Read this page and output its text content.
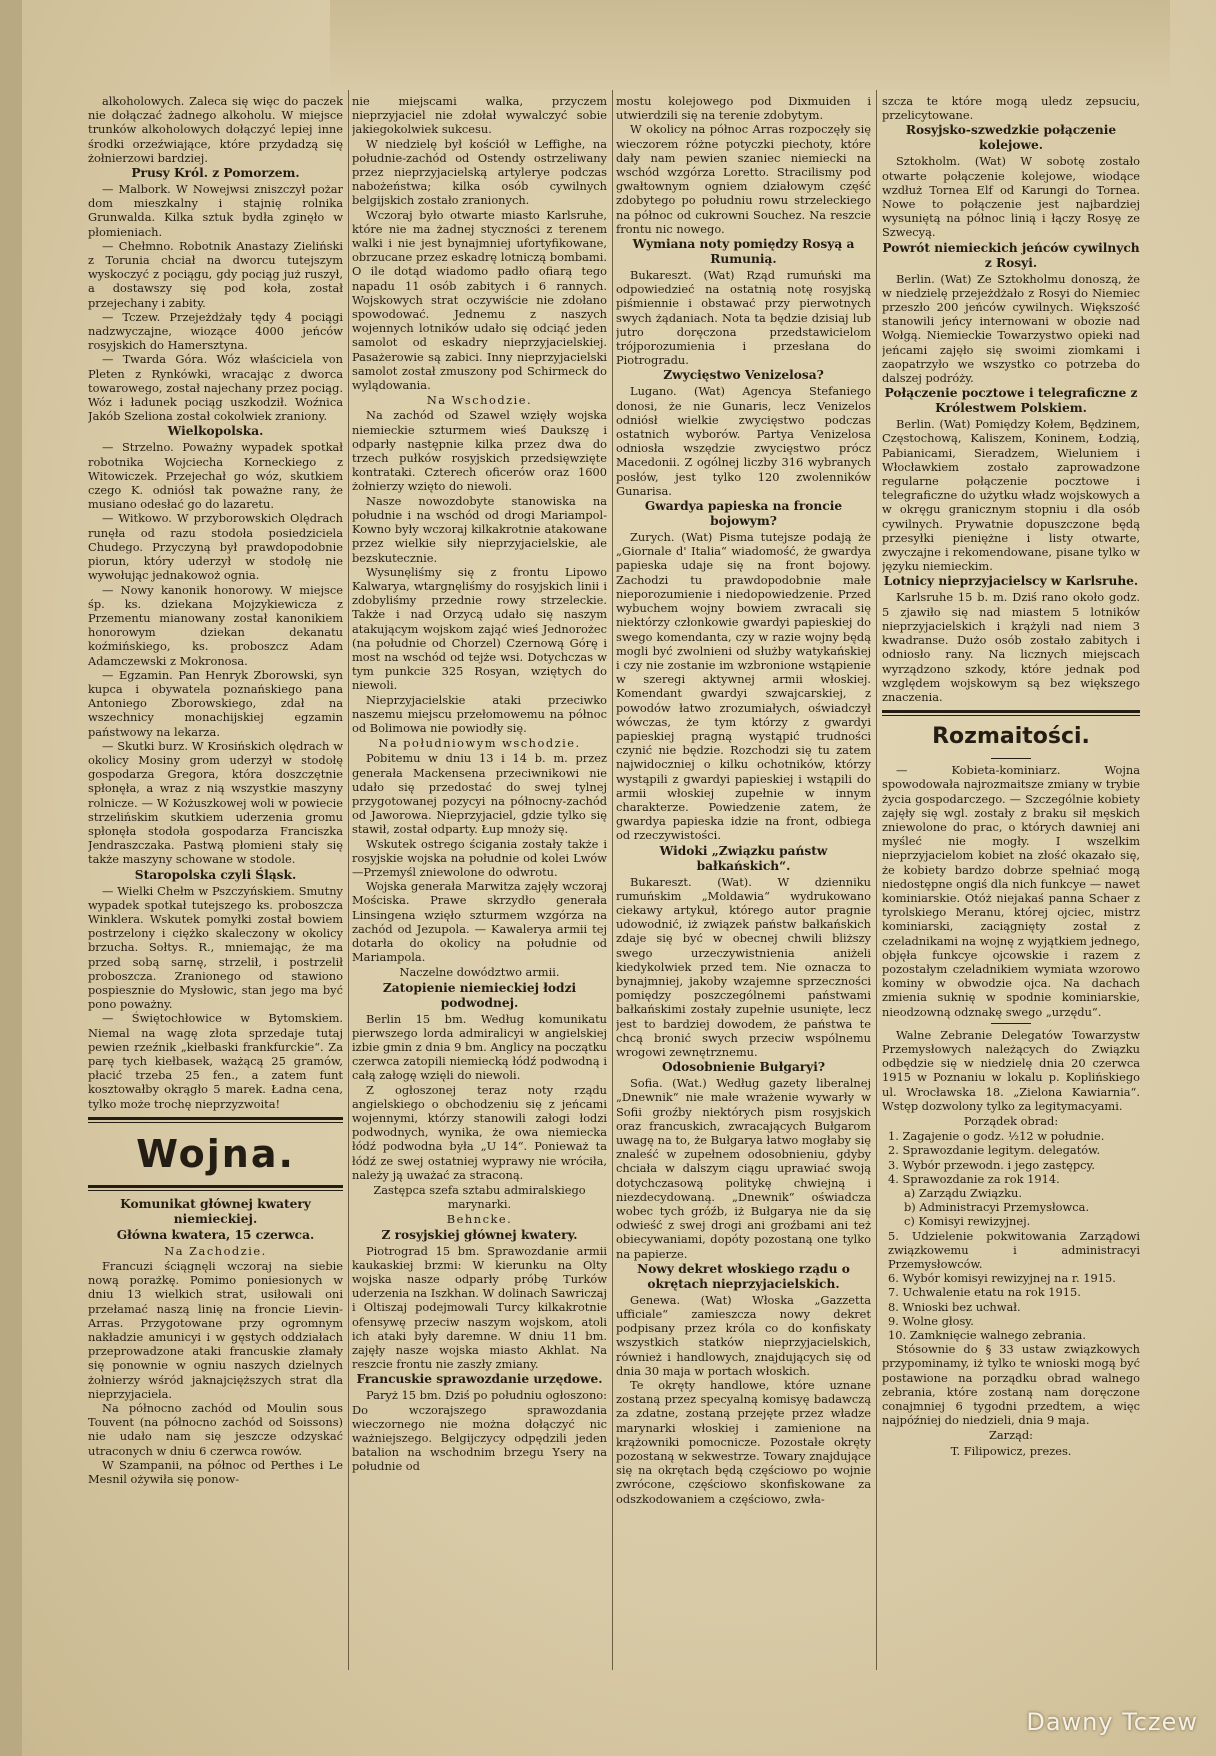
alkoholowych. Zaleca się więc do paczek nie dołączać żadnego alkoholu. W miejsce trunków alkoholowych dołączyć lepiej inne środki orzeźwiające, które przydadzą się żołnierzowi bardziej.

Prusy Król. z Pomorzem.

— Malbork. W Nowejwsi zniszczył pożar dom mieszkalny i stajnię rolnika Grunwalda. Kilka sztuk bydła zginęło w płomieniach.

— Chełmno. Robotnik Anastazy Zieliński z Torunia chciał na dworcu tutejszym wyskoczyć z pociągu, gdy pociąg już ruszył, a dostawszy się pod koła, został przejechany i zabity.

— Tczew. Przejeżdżały tędy 4 pociągi nadzwyczajne, wiozące 4000 jeńców rosyjskich do Hamersztyna.

— Twarda Góra. Wóz właściciela von Pleten z Rynkówki, wracając z dworca towarowego, został najechany przez pociąg. Wóz i ładunek pociąg uszkodził. Woźnica Jakób Szeliona został cokolwiek zraniony.

Wielkopolska.

— Strzelno. Poważny wypadek spotkał robotnika Wojciecha Korneckiego z Witowiczek. Przejechał go wóz, skutkiem czego K. odniósł tak poważne rany, że musiano odesłać go do lazaretu.

— Witkowo. W przyborowskich Olędrach runęła od razu stodoła posiedziciela Chudego. Przyczyną był prawdopodobnie piorun, który uderzył w stodołę nie wywołując jednakowoż ognia.

— Nowy kanonik honorowy. W miejsce śp. ks. dziekana Mojzykiewicza z Przementu mianowany został kanonikiem honorowym dziekan dekanatu koźmińskiego, ks. proboszcz Adam Adamczewski z Mokronosa.

— Egzamin. Pan Henryk Zborowski, syn kupca i obywatela poznańskiego pana Antoniego Zborowskiego, zdał na wszechnicy monachijskiej egzamin państwowy na lekarza.

— Skutki burz. W Krosińskich olędrach w okolicy Mosiny grom uderzył w stodołę gospodarza Gregora, która doszczętnie spłonęła, a wraz z nią wszystkie maszyny rolnicze. — W Kożuszkowej woli w powiecie strzelińskim skutkiem uderzenia gromu spłonęła stodoła gospodarza Franciszka Jendraszczaka. Pastwą płomieni stały się także maszyny schowane w stodole.

Staropolska czyli Śląsk.

— Wielki Chełm w Pszczyńskiem. Smutny wypadek spotkał tutejszego ks. proboszcza Winklera. Wskutek pomyłki został bowiem postrzelony i ciężko skaleczony w okolicy brzucha. Sołtys. R., mniemając, że ma przed sobą sarnę, strzelił, i postrzelił proboszcza. Zranionego od stawiono pospiesznie do Mysłowic, stan jego ma być pono poważny.

— Świętochłowice w Bytomskiem. Niemal na wagę złota sprzedaje tutaj pewien rzeźnik „kiełbaski frankfurckie“. Za parę tych kiełbasek, ważącą 25 gramów, płacić trzeba 25 fen., a zatem funt kosztowałby okrągło 5 marek. Ładna cena, tylko może trochę nieprzyzwoita!

Wojna.
Komunikat głównej kwatery niemieckiej.
Główna kwatera, 15 czerwca.
Na Zachodzie.

Francuzi ściągnęli wczoraj na siebie nową porażkę. Pomimo poniesionych w dniu 13 wielkich strat, usiłowali oni przełamać naszą linię na froncie Lievin-Arras. Przygotowane przy ogromnym nakładzie amunicyi i w gęstych oddziałach przeprowadzone ataki francuskie złamały się ponownie w ogniu naszych dzielnych żołnierzy wśród jaknajcięższych strat dla nieprzyjaciela.

Na północno zachód od Moulin sous Touvent (na północno zachód od Soissons) nie udało nam się jeszcze odzyskać utraconych w dniu 6 czerwca rowów.

W Szampanii, na północ od Perthes i Le Mesnil ożywiła się ponow-

nie miejscami walka, przyczem nieprzyjaciel nie zdołał wywalczyć sobie jakiegokolwiek sukcesu.

W niedzielę był kościół w Leffighe, na południe-zachód od Ostendy ostrzeliwany przez nieprzyjacielską artylerye podczas nabożeństwa; kilka osób cywilnych belgijskich zostało zranionych.

Wczoraj było otwarte miasto Karlsruhe, które nie ma żadnej styczności z terenem walki i nie jest bynajmniej ufortyfikowane, obrzucane przez eskadrę lotniczą bombami. O ile dotąd wiadomo padło ofiarą tego napadu 11 osób zabitych i 6 rannych. Wojskowych strat oczywiście nie zdołano spowodować. Jednemu z naszych wojennych lotników udało się odciąć jeden samolot od eskadry nieprzyjacielskiej. Pasażerowie są zabici. Inny nieprzyjacielski samolot został zmuszony pod Schirmeck do wylądowania.

Na Wschodzie.

Na zachód od Szawel wzięły wojska niemieckie szturmem wieś Daukszę i odparły następnie kilka przez dwa do trzech pułków rosyjskich przedsięwzięte kontrataki. Czterech oficerów oraz 1600 żołnierzy wzięto do niewoli.

Nasze nowozdobyte stanowiska na południe i na wschód od drogi Mariampol-Kowno były wczoraj kilkakrotnie atakowane przez wielkie siły nieprzyjacielskie, ale bezskutecznie.

Wysunęliśmy się z frontu Lipowo Kalwarya, wtargnęliśmy do rosyjskich linii i zdobyliśmy przednie rowy strzeleckie. Także i nad Orzycą udało się naszym atakującym wojskom zająć wieś Jednorożec (na południe od Chorzel) Czernową Górę i most na wschód od tejże wsi. Dotychczas w tym punkcie 325 Rosyan, wziętych do niewoli.

Nieprzyjacielskie ataki przeciwko naszemu miejscu przełomowemu na północ od Bolimowa nie powiodły się.

Na południowym wschodzie.

Pobitemu w dniu 13 i 14 b. m. przez generała Mackensena przeciwnikowi nie udało się przedostać do swej tylnej przygotowanej pozycyi na północny-zachód od Jaworowa. Nieprzyjaciel, gdzie tylko się stawił, został odparty. Łup mnoży się.

Wskutek ostrego ścigania zostały także i rosyjskie wojska na południe od kolei Lwów—Przemyśl zniewolone do odwrotu.

Wojska generała Marwitza zajęły wczoraj Mościska. Prawe skrzydło generała Linsingena wzięło szturmem wzgórza na zachód od Jezupola. — Kawalerya armii tej dotarła do okolicy na południe od Mariampola.

Naczelne dowództwo armii.
Zatopienie niemieckiej łodzi podwodnej.

Berlin 15 bm. Według komunikatu pierwszego lorda admiralicyi w angielskiej izbie gmin z dnia 9 bm. Anglicy na początku czerwca zatopili niemiecką łódź podwodną i całą załogę wzięli do niewoli.

Z ogłoszonej teraz noty rządu angielskiego o obchodzeniu się z jeńcami wojennymi, którzy stanowili załogi łodzi podwodnych, wynika, że owa niemiecka łódź podwodna była „U 14“. Ponieważ ta łódź ze swej ostatniej wyprawy nie wróciła, należy ją uważać za straconą.

Zastępca szefa sztabu admiralskiego marynarki.
Behncke.
Z rosyjskiej głównej kwatery.

Piotrograd 15 bm. Sprawozdanie armii kaukaskiej brzmi: W kierunku na Olty wojska nasze odparły próbę Turków uderzenia na Iszkhan. W dolinach Sawriczaj i Oltiszaj podejmowali Turcy kilkakrotnie ofensywę przeciw naszym wojskom, atoli ich ataki były daremne. W dniu 11 bm. zajęły nasze wojska miasto Akhlat. Na reszcie frontu nie zaszły zmiany.

Francuskie sprawozdanie urzędowe.

Paryż 15 bm. Dziś po południu ogłoszono: Do wczorajszego sprawozdania wieczornego nie można dołączyć nic ważniejszego. Belgijczycy odpędzili jeden batalion na wschodnim brzegu Ysery na południe od

mostu kolejowego pod Dixmuiden i utwierdzili się na terenie zdobytym.

W okolicy na północ Arras rozpoczęły się wieczorem różne potyczki piechoty, które dały nam pewien szaniec niemiecki na wschód wzgórza Loretto. Stracilismy pod gwałtownym ogniem działowym część zdobytego po południu rowu strzeleckiego na północ od cukrowni Souchez. Na reszcie frontu nic nowego.

Wymiana noty pomiędzy Rosyą a Rumunią.

Bukareszt. (Wat) Rząd rumuński ma odpowiedzieć na ostatnią notę rosyjską piśmiennie i obstawać przy pierwotnych swych żądaniach. Nota ta będzie dzisiaj lub jutro doręczona przedstawicielom trójporozumienia i przesłana do Piotrogradu.

Zwycięstwo Venizelosa?

Lugano. (Wat) Agencya Stefaniego donosi, że nie Gunaris, lecz Venizelos odniósł wielkie zwycięstwo podczas ostatnich wyborów. Partya Venizelosa odniosła wszędzie zwycięstwo prócz Macedonii. Z ogólnej liczby 316 wybranych posłów, jest tylko 120 zwolenników Gunarisa.

Gwardya papieska na froncie bojowym?

Zurych. (Wat) Pisma tutejsze podają że „Giornale d' Italia“ wiadomość, że gwardya papieska udaje się na front bojowy. Zachodzi tu prawdopodobnie małe nieporozumienie i niedopowiedzenie. Przed wybuchem wojny bowiem zwracali się niektórzy członkowie gwardyi papieskiej do swego komendanta, czy w razie wojny będą mogli być zwolnieni od służby watykańskiej i czy nie zostanie im wzbronione wstąpienie w szeregi aktywnej armii włoskiej. Komendant gwardyi szwajcarskiej, z powodów łatwo zrozumiałych, oświadczył wówczas, że tym którzy z gwardyi papieskiej pragną wystąpić trudności czynić nie będzie. Rozchodzi się tu zatem najwidoczniej o kilku ochotników, którzy wystąpili z gwardyi papieskiej i wstąpili do armii włoskiej zupełnie w innym charakterze. Powiedzenie zatem, że gwardya papieska idzie na front, odbiega od rzeczywistości.

Widoki „Związku państw bałkańskich“.

Bukareszt. (Wat). W dzienniku rumuńskim „Moldawia“ wydrukowano ciekawy artykuł, którego autor pragnie udowodnić, iż związek państw bałkańskich zdaje się być w obecnej chwili bliższy swego urzeczywistnienia aniżeli kiedykolwiek przed tem. Nie oznacza to bynajmniej, jakoby wzajemne sprzeczności pomiędzy poszczególnemi państwami bałkańskimi zostały zupełnie usunięte, lecz jest to bardziej dowodem, że państwa te chcą bronić swych przeciw wspólnemu wrogowi zewnętrznemu.

Odosobnienie Bułgaryi?

Sofia. (Wat.) Według gazety liberalnej „Dnewnik“ nie małe wrażenie wywarły w Sofii groźby niektórych pism rosyjskich oraz francuskich, zwracających Bułgarom uwagę na to, że Bułgarya łatwo mogłaby się znaleść w zupełnem odosobnieniu, gdyby chciała w dalszym ciągu uprawiać swoją dotychczasową politykę chwiejną i niezdecydowaną. „Dnewnik“ oświadcza wobec tych gróźb, iż Bułgarya nie da się odwieść z swej drogi ani groźbami ani też obiecywaniami, dopóty pozostaną one tylko na papierze.

Nowy dekret włoskiego rządu o okrętach nieprzyjacielskich.

Genewa. (Wat) Włoska „Gazzetta ufficiale“ zamieszcza nowy dekret podpisany przez króla co do konfiskaty wszystkich statków nieprzyjacielskich, również i handlowych, znajdujących się od dnia 30 maja w portach włoskich.

Te okręty handlowe, które uznane zostaną przez specyalną komisyę badawczą za zdatne, zostaną przejęte przez władze marynarki włoskiej i zamienione na krążowniki pomocnicze. Pozostałe okręty pozostaną w sekwestrze. Towary znajdujące się na okrętach będą częściowo po wojnie zwrócone, częściowo skonfiskowane za odszkodowaniem a częściowo, zwła-

szcza te które mogą uledz zepsuciu, przelicytowane.

Rosyjsko-szwedzkie połączenie kolejowe.

Sztokholm. (Wat) W sobotę zostało otwarte połączenie kolejowe, wiodące wzdłuż Tornea Elf od Karungi do Tornea. Nowe to połączenie jest najbardziej wysuniętą na północ linią i łączy Rosyę ze Szwecyą.

Powrót niemieckich jeńców cywilnych z Rosyi.

Berlin. (Wat) Ze Sztokholmu donoszą, że w niedzielę przejeżdżało z Rosyi do Niemiec przeszło 200 jeńców cywilnych. Większość stanowili jeńcy internowani w obozie nad Wołgą. Niemieckie Towarzystwo opieki nad jeńcami zajęło się swoimi ziomkami i zaopatrzyło we wszystko co potrzeba do dalszej podróży.

Połączenie pocztowe i telegraficzne z Królestwem Polskiem.

Berlin. (Wat) Pomiędzy Kołem, Będzinem, Częstochową, Kaliszem, Koninem, Łodzią, Pabianicami, Sieradzem, Wieluniem i Włocławkiem zostało zaprowadzone regularne połączenie pocztowe i telegraficzne do użytku władz wojskowych a w okręgu granicznym stopniu i dla osób cywilnych. Prywatnie dopuszczone będą przesyłki pieniężne i listy otwarte, zwyczajne i rekomendowane, pisane tylko w języku niemieckim.

Lotnicy nieprzyjacielscy w Karlsruhe.

Karlsruhe 15 b. m. Dziś rano około godz. 5 zjawiło się nad miastem 5 lotników nieprzyjacielskich i krążyli nad niem 3 kwadranse. Dużo osób zostało zabitych i odniosło rany. Na licznych miejscach wyrządzono szkody, które jednak pod względem wojskowym są bez większego znaczenia.

Rozmaitości.

— Kobieta-kominiarz. Wojna spowodowała najrozmaitsze zmiany w trybie życia gospodarczego. — Szczególnie kobiety zajęły się wgl. zostały z braku sił męskich zniewolone do prac, o których dawniej ani myśleć nie mogły. I wszelkim nieprzyjacielom kobiet na złość okazało się, że kobiety bardzo dobrze spełniać mogą niedostępne ongiś dla nich funkcye — nawet kominiarskie. Otóż niejakaś panna Schaer z tyrolskiego Meranu, której ojciec, mistrz kominiarski, zaciągnięty został z czeladnikami na wojnę z wyjątkiem jednego, objęła funkcye ojcowskie i razem z pozostałym czeladnikiem wymiata wzorowo kominy w obwodzie ojca. Na dachach zmienia suknię w spodnie kominiarskie, nieodzowną odznakę swego „urzędu“.

Walne Zebranie Delegatów Towarzystw Przemysłowych należących do Związku odbędzie się w niedzielę dnia 20 czerwca 1915 w Poznaniu w lokalu p. Koplińskiego ul. Wrocławska 18. „Zielona Kawiarnia“. Wstęp dozwolony tylko za legitymacyami.

Porządek obrad:
1. Zagajenie o godz. ½12 w południe.
2. Sprawozdanie legitym. delegatów.
3. Wybór przewodn. i jego zastępcy.
4. Sprawozdanie za rok 1914.
a) Zarządu Związku.
b) Administracyi Przemysłowca.
c) Komisyi rewizyjnej.
5. Udzielenie pokwitowania Zarządowi związkowemu i administracyi Przemysłowców.
6. Wybór komisyi rewizyjnej na r. 1915.
7. Uchwalenie etatu na rok 1915.
8. Wnioski bez uchwał.
9. Wolne głosy.
10. Zamknięcie walnego zebrania.

Stósownie do § 33 ustaw związkowych przypominamy, iż tylko te wnioski mogą być postawione na porządku obrad walnego zebrania, które zostaną nam doręczone conajmniej 6 tygodni przedtem, a więc najpóźniej do niedzieli, dnia 9 maja.

Zarząd:
T. Filipowicz, prezes.
Dawny Tczew
